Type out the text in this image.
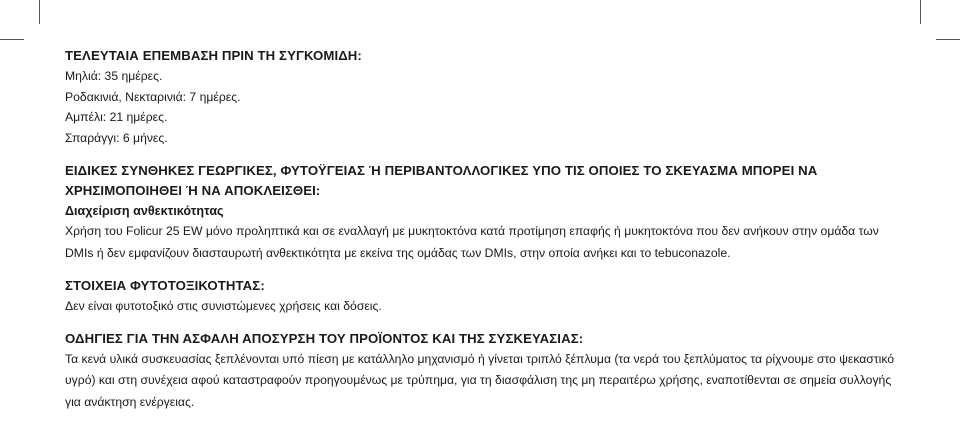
ΤΕΛΕΥΤΑΙΑ ΕΠΕΜΒΑΣΗ ΠΡΙΝ ΤΗ ΣΥΓΚΟΜΙΔΗ:

Μηλιά: 35 ημέρες.

Ροδακινιά, Νεκταρινιά: 7 ημέρες.

Αμπέλι: 21 ημέρες.

Σπαράγγι: 6 μήνες.

ΕΙΔΙΚΕΣ ΣΥΝΘΗΚΕΣ ΓΕΩΡΓΙΚΕΣ, ΦΥΤΟΫΓΕΙΑΣ Ή ΠΕΡΙΒΑΝΤΟΛΛΟΓΙΚΕΣ ΥΠΟ ΤΙΣ ΟΠΟΙΕΣ ΤΟ ΣΚΕΥΑΣΜΑ ΜΠΟΡΕΙ ΝΑ ΧΡΗΣΙΜΟΠΟΙΗΘΕΙ Ή ΝΑ ΑΠΟΚΛΕΙΣΘΕΙ:
Διαχείριση ανθεκτικότητας

Χρήση του Folicur 25 EW μόνο προληπτικά και σε εναλλαγή με μυκητοκτόνα κατά προτίμηση επαφής ή μυκητοκτόνα που δεν ανήκουν στην ομάδα των DMIs ή δεν εμφανίζουν διασταυρωτή ανθεκτικότητα με εκείνα της ομάδας των DMIs, στην οποία ανήκει και το tebuconazole.

ΣΤΟΙΧΕΙΑ ΦΥΤΟΤΟΞΙΚΟΤΗΤΑΣ:

Δεν είναι φυτοτοξικό στις συνιστώμενες χρήσεις και δόσεις.

ΟΔΗΓΙΕΣ ΓΙΑ ΤΗΝ ΑΣΦΑΛΗ ΑΠΟΣΥΡΣΗ ΤΟΥ ΠΡΟΪΟΝΤΟΣ ΚΑΙ ΤΗΣ ΣΥΣΚΕΥΑΣΙΑΣ:

Τα κενά υλικά συσκευασίας ξεπλένονται υπό πίεση με κατάλληλο μηχανισμό ή γίνεται τριπλό ξέπλυμα (τα νερά του ξεπλύματος τα ρίχνουμε στο ψεκαστικό υγρό) και στη συνέχεια αφού καταστραφούν προηγουμένως με τρύπημα, για τη διασφάλιση της μη περαιτέρω χρήσης, εναποτίθενται σε σημεία συλλογής για ανάκτηση ενέργειας.
